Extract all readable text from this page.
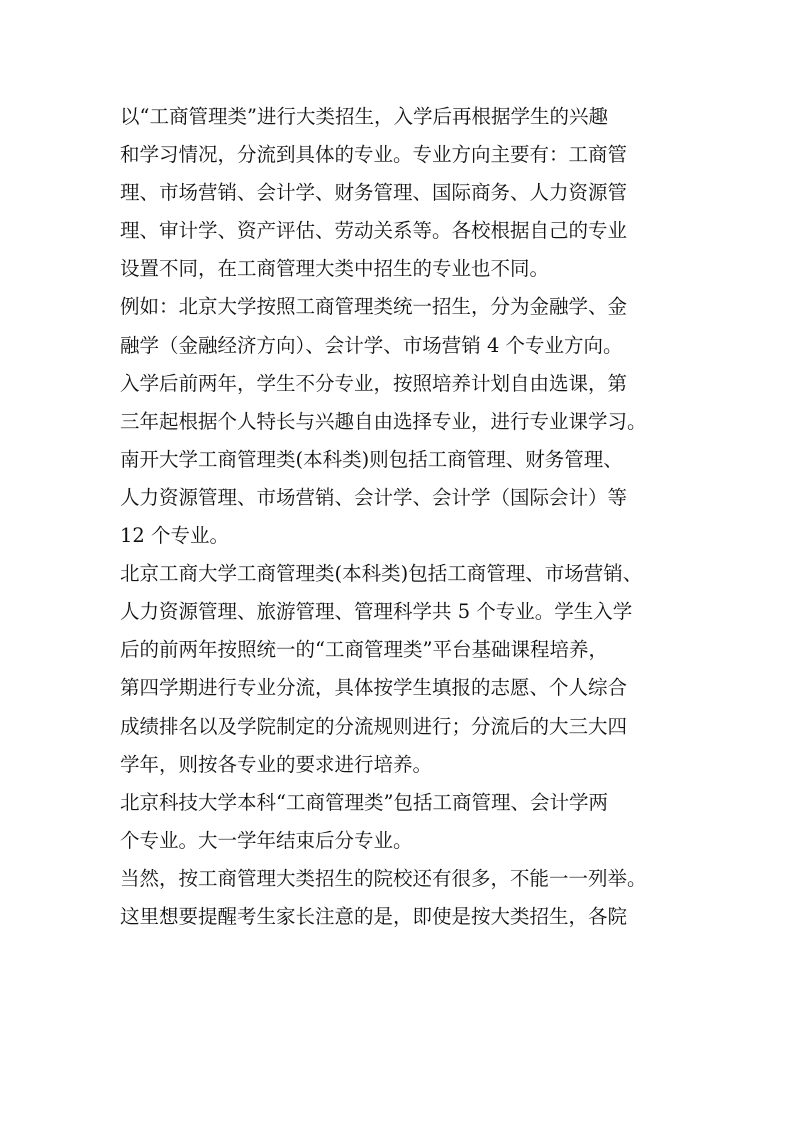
以“工商管理类”进行大类招生，入学后再根据学生的兴趣
和学习情况，分流到具体的专业。专业方向主要有：工商管
理、市场营销、会计学、财务管理、国际商务、人力资源管
理、审计学、资产评估、劳动关系等。各校根据自己的专业
设置不同，在工商管理大类中招生的专业也不同。
例如：北京大学按照工商管理类统一招生，分为金融学、金
融学（金融经济方向）、会计学、市场营销 4 个专业方向。
入学后前两年，学生不分专业，按照培养计划自由选课，第
三年起根据个人特长与兴趣自由选择专业，进行专业课学习。
南开大学工商管理类(本科类)则包括工商管理、财务管理、
人力资源管理、市场营销、会计学、会计学（国际会计）等
12 个专业。
北京工商大学工商管理类(本科类)包括工商管理、市场营销、
人力资源管理、旅游管理、管理科学共 5 个专业。学生入学
后的前两年按照统一的“工商管理类”平台基础课程培养，
第四学期进行专业分流，具体按学生填报的志愿、个人综合
成绩排名以及学院制定的分流规则进行；分流后的大三大四
学年，则按各专业的要求进行培养。
北京科技大学本科“工商管理类”包括工商管理、会计学两
个专业。大一学年结束后分专业。
当然，按工商管理大类招生的院校还有很多，不能一一列举。
这里想要提醒考生家长注意的是，即使是按大类招生，各院
